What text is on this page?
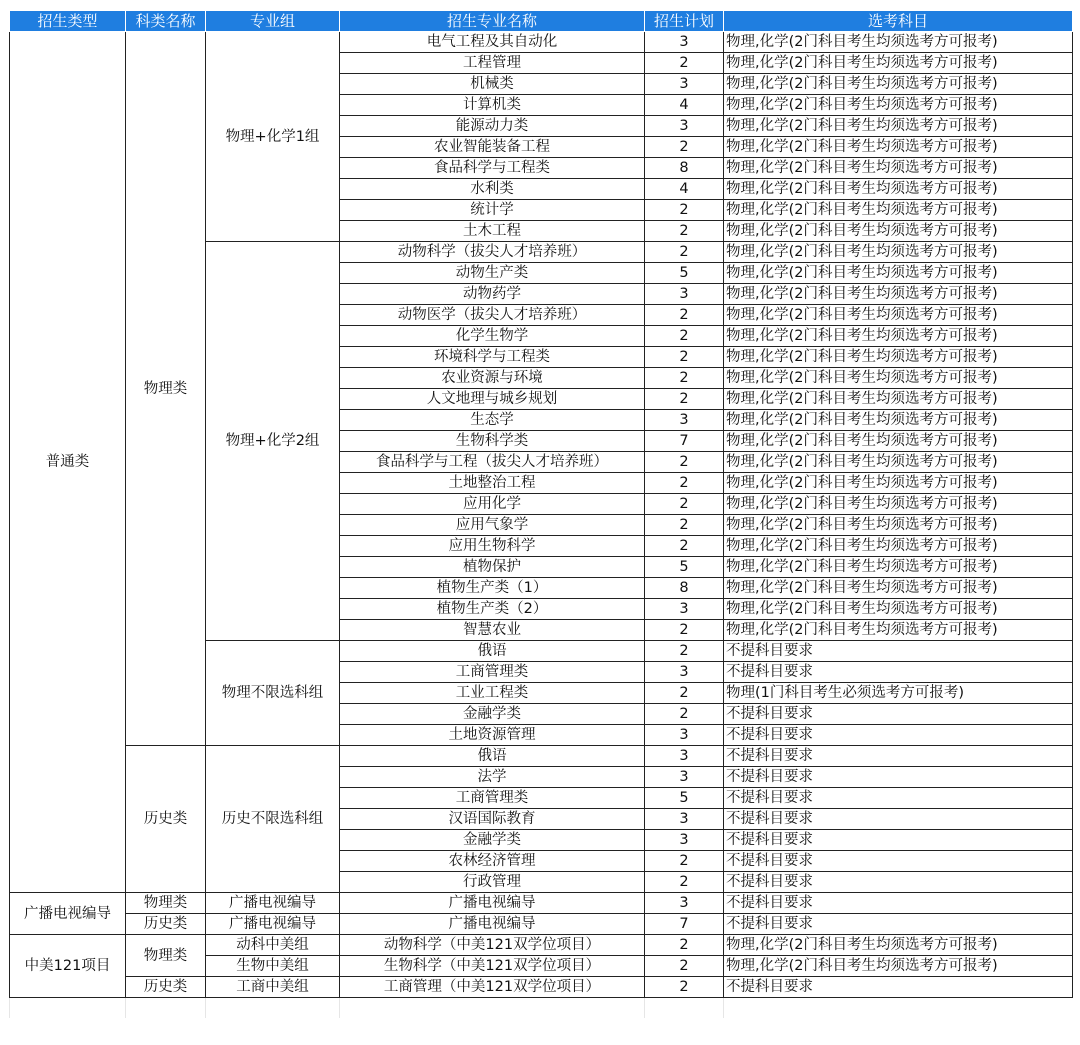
招生类型	科类名称	专业组	招生专业名称	招生计划	选考科目
普通类	物理类	物理+化学1组	电气工程及其自动化	3	物理,化学(2门科目考生均须选考方可报考)
			工程管理	2	物理,化学(2门科目考生均须选考方可报考)
			机械类	3	物理,化学(2门科目考生均须选考方可报考)
			计算机类	4	物理,化学(2门科目考生均须选考方可报考)
			能源动力类	3	物理,化学(2门科目考生均须选考方可报考)
			农业智能装备工程	2	物理,化学(2门科目考生均须选考方可报考)
			食品科学与工程类	8	物理,化学(2门科目考生均须选考方可报考)
			水利类	4	物理,化学(2门科目考生均须选考方可报考)
			统计学	2	物理,化学(2门科目考生均须选考方可报考)
			土木工程	2	物理,化学(2门科目考生均须选考方可报考)
		物理+化学2组	动物科学（拔尖人才培养班）	2	物理,化学(2门科目考生均须选考方可报考)
			动物生产类	5	物理,化学(2门科目考生均须选考方可报考)
			动物药学	3	物理,化学(2门科目考生均须选考方可报考)
			动物医学（拔尖人才培养班）	2	物理,化学(2门科目考生均须选考方可报考)
			化学生物学	2	物理,化学(2门科目考生均须选考方可报考)
			环境科学与工程类	2	物理,化学(2门科目考生均须选考方可报考)
			农业资源与环境	2	物理,化学(2门科目考生均须选考方可报考)
			人文地理与城乡规划	2	物理,化学(2门科目考生均须选考方可报考)
			生态学	3	物理,化学(2门科目考生均须选考方可报考)
			生物科学类	7	物理,化学(2门科目考生均须选考方可报考)
			食品科学与工程（拔尖人才培养班）	2	物理,化学(2门科目考生均须选考方可报考)
			土地整治工程	2	物理,化学(2门科目考生均须选考方可报考)
			应用化学	2	物理,化学(2门科目考生均须选考方可报考)
			应用气象学	2	物理,化学(2门科目考生均须选考方可报考)
			应用生物科学	2	物理,化学(2门科目考生均须选考方可报考)
			植物保护	5	物理,化学(2门科目考生均须选考方可报考)
			植物生产类（1）	8	物理,化学(2门科目考生均须选考方可报考)
			植物生产类（2）	3	物理,化学(2门科目考生均须选考方可报考)
			智慧农业	2	物理,化学(2门科目考生均须选考方可报考)
		物理不限选科组	俄语	2	不提科目要求
			工商管理类	3	不提科目要求
			工业工程类	2	物理(1门科目考生必须选考方可报考)
			金融学类	2	不提科目要求
			土地资源管理	3	不提科目要求
	历史类	历史不限选科组	俄语	3	不提科目要求
			法学	3	不提科目要求
			工商管理类	5	不提科目要求
			汉语国际教育	3	不提科目要求
			金融学类	3	不提科目要求
			农林经济管理	2	不提科目要求
			行政管理	2	不提科目要求
广播电视编导	物理类	广播电视编导	广播电视编导	3	不提科目要求
	历史类	广播电视编导	广播电视编导	7	不提科目要求
中美121项目	物理类	动科中美组	动物科学（中美121双学位项目）	2	物理,化学(2门科目考生均须选考方可报考)
		生物中美组	生物科学（中美121双学位项目）	2	物理,化学(2门科目考生均须选考方可报考)
	历史类	工商中美组	工商管理（中美121双学位项目）	2	不提科目要求
